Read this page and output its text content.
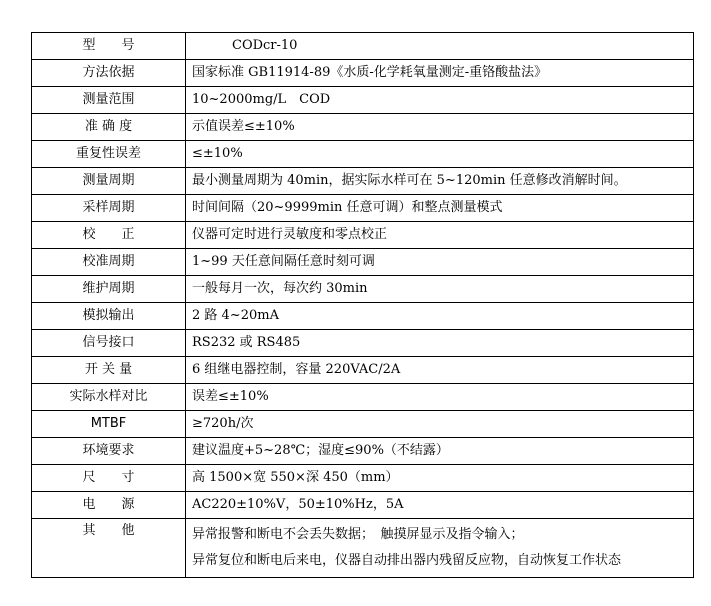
型　　号	CODcr-10
方法依据	国家标准 GB11914-89《水质-化学耗氧量测定-重铬酸盐法》
测量范围	10~2000mg/L　COD
准 确 度	示值误差≤±10%
重复性误差	≤±10%
测量周期	最小测量周期为 40min，据实际水样可在 5~120min 任意修改消解时间。
采样周期	时间间隔（20~9999min 任意可调）和整点测量模式
校　　正	仪器可定时进行灵敏度和零点校正
校准周期	1~99 天任意间隔任意时刻可调
维护周期	一般每月一次，每次约 30min
模拟输出	2 路 4~20mA
信号接口	RS232 或 RS485
开 关 量	6 组继电器控制，容量 220VAC/2A
实际水样对比	误差≤±10%
MTBF	≥720h/次
环境要求	建议温度+5~28℃；湿度≤90%（不结露）
尺　　寸	高 1500×宽 550×深 450（mm）
电　　源	AC220±10%V，50±10%Hz，5A
其　　他	异常报警和断电不会丢失数据；　触摸屏显示及指令输入；
异常复位和断电后来电，仪器自动排出器内残留反应物，自动恢复工作状态
